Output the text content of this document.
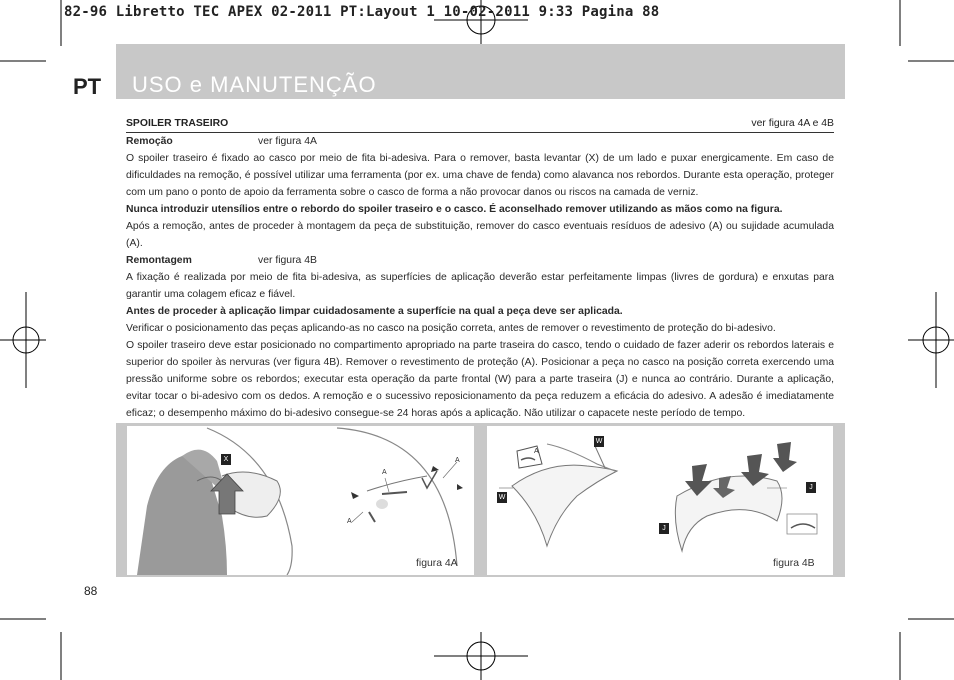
82-96 Libretto TEC APEX 02-2011 PT:Layout 1 10-02-2011 9:33 Pagina 88
PT USO e MANUTENÇÃO
SPOILER TRASEIRO	ver figura 4A e 4B
Remoção	ver figura 4A
O spoiler traseiro é fixado ao casco por meio de fita bi-adesiva. Para o remover, basta levantar (X) de um lado e puxar energicamente. Em caso de dificuldades na remoção, é possível utilizar uma ferramenta (por ex. uma chave de fenda) como alavanca nos rebordos. Durante esta operação, proteger com um pano o ponto de apoio da ferramenta sobre o casco de forma a não provocar danos ou riscos na camada de verniz.
Nunca introduzir utensílios entre o rebordo do spoiler traseiro e o casco. É aconselhado remover utilizando as mãos como na figura.
Após a remoção, antes de proceder à montagem da peça de substituição, remover do casco eventuais resíduos de adesivo (A) ou sujidade acumulada (A).
Remontagem	ver figura 4B
A fixação é realizada por meio de fita bi-adesiva, as superfícies de aplicação deverão estar perfeitamente limpas (livres de gordura) e enxutas para garantir uma colagem eficaz e fiável.
Antes de proceder à aplicação limpar cuidadosamente a superfície na qual a peça deve ser aplicada.
Verificar o posicionamento das peças aplicando-as no casco na posição correta, antes de remover o revestimento de proteção do bi-adesivo.
O spoiler traseiro deve estar posicionado no compartimento apropriado na parte traseira do casco, tendo o cuidado de fazer aderir os rebordos laterais e superior do spoiler às nervuras (ver figura 4B). Remover o revestimento de proteção (A). Posicionar a peça no casco na posição correta exercendo uma pressão uniforme sobre os rebordos; executar esta operação da parte frontal (W) para a parte traseira (J) e nunca ao contrário. Durante a aplicação, evitar tocar o bi-adesivo com os dedos. A remoção e o sucessivo reposicionamento da peça reduzem a eficácia do adesivo. A adesão é imediatamente eficaz; o desempenho máximo do bi-adesivo consegue-se 24 horas após a aplicação. Não utilizar o capacete neste período de tempo.
X
A
A
A
figura 4A
A
W
W
J
J
figura 4B
88
